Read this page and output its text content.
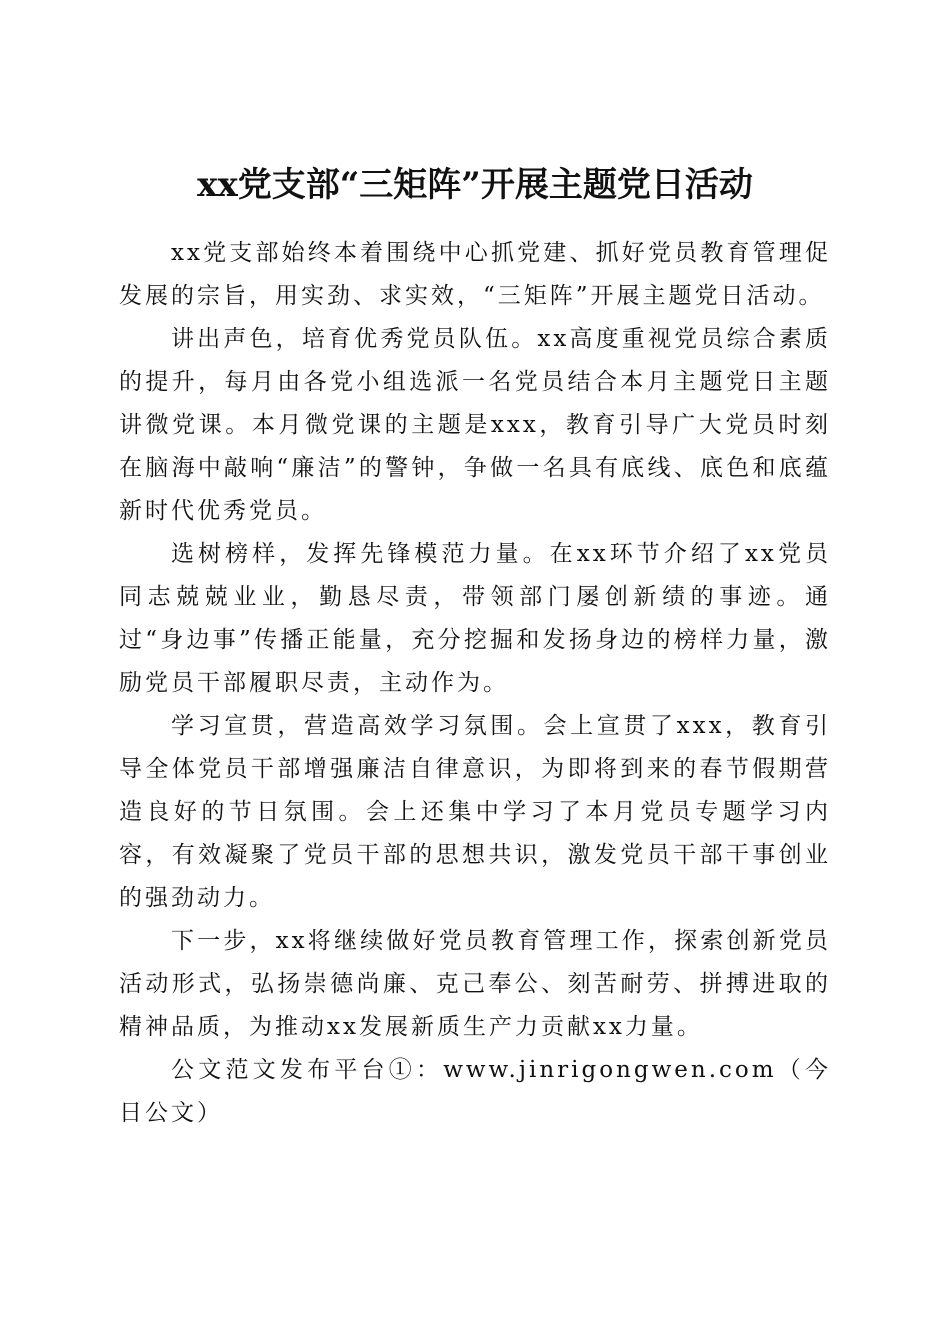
xx党支部“三矩阵”开展主题党日活动

xx党支部始终本着围绕中心抓党建、抓好党员教育管理促发展的宗旨，用实劲、求实效，“三矩阵”开展主题党日活动。

讲出声色，培育优秀党员队伍。xx高度重视党员综合素质的提升，每月由各党小组选派一名党员结合本月主题党日主题讲微党课。本月微党课的主题是xxx，教育引导广大党员时刻在脑海中敲响“廉洁”的警钟，争做一名具有底线、底色和底蕴新时代优秀党员。

选树榜样，发挥先锋模范力量。在xx环节介绍了xx党员同志兢兢业业，勤恳尽责，带领部门屡创新绩的事迹。通过“身边事”传播正能量，充分挖掘和发扬身边的榜样力量，激励党员干部履职尽责，主动作为。

学习宣贯，营造高效学习氛围。会上宣贯了xxx，教育引导全体党员干部增强廉洁自律意识，为即将到来的春节假期营造良好的节日氛围。会上还集中学习了本月党员专题学习内容，有效凝聚了党员干部的思想共识，激发党员干部干事创业的强劲动力。

下一步，xx将继续做好党员教育管理工作，探索创新党员活动形式，弘扬崇德尚廉、克己奉公、刻苦耐劳、拼搏进取的精神品质，为推动xx发展新质生产力贡献xx力量。

公文范文发布平台①：www.jinrigongwen.com（今日公文）
